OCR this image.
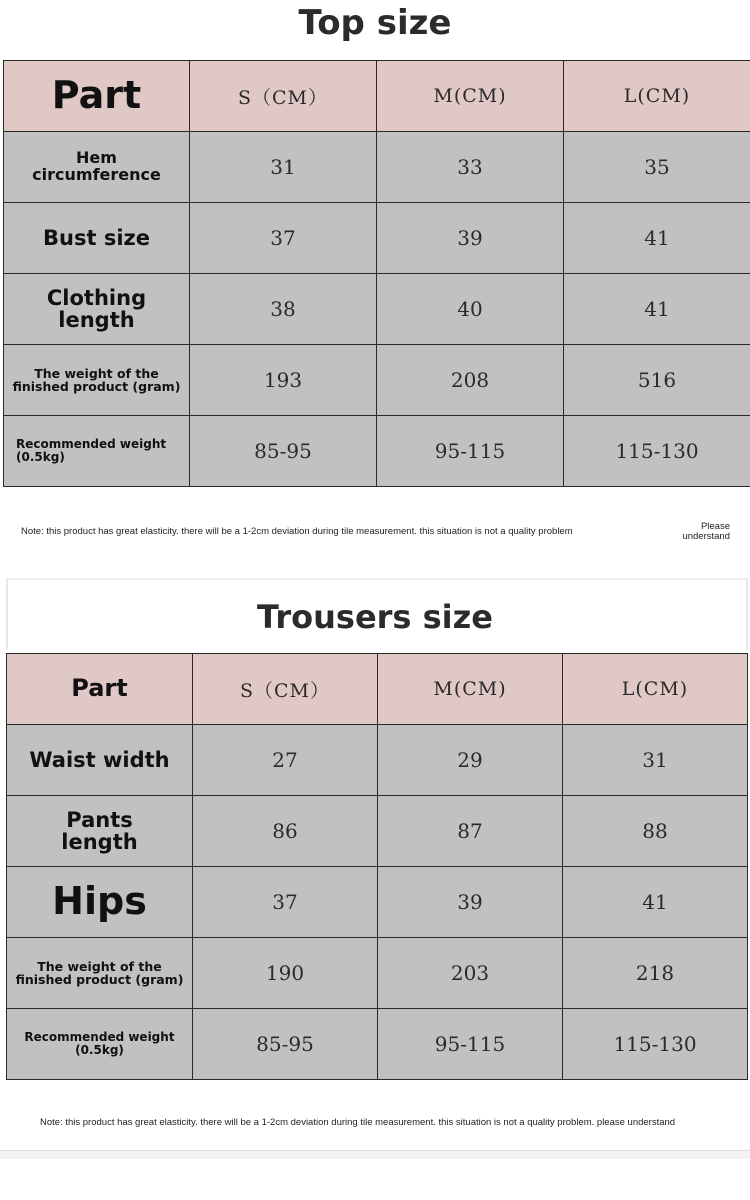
Top size
Part	S（CM）	M(CM)	L(CM)
Hem
circumference	31	33	35
Bust size	37	39	41
Clothing
length	38	40	41
The weight of the
finished product (gram)	193	208	516
Recommended weight
(0.5kg)	85-95	95-115	115-130
Note: this product has great elasticity. there will be a 1-2cm deviation during tile measurement. this situation is not a quality problem	Please
understand
Trousers size
Part	S（CM）	M(CM)	L(CM)
Waist width	27	29	31
Pants
length	86	87	88
Hips	37	39	41
The weight of the
finished product (gram)	190	203	218
Recommended weight
(0.5kg)	85-95	95-115	115-130
Note: this product has great elasticity. there will be a 1-2cm deviation during tile measurement. this situation is not a quality problem. please understand
